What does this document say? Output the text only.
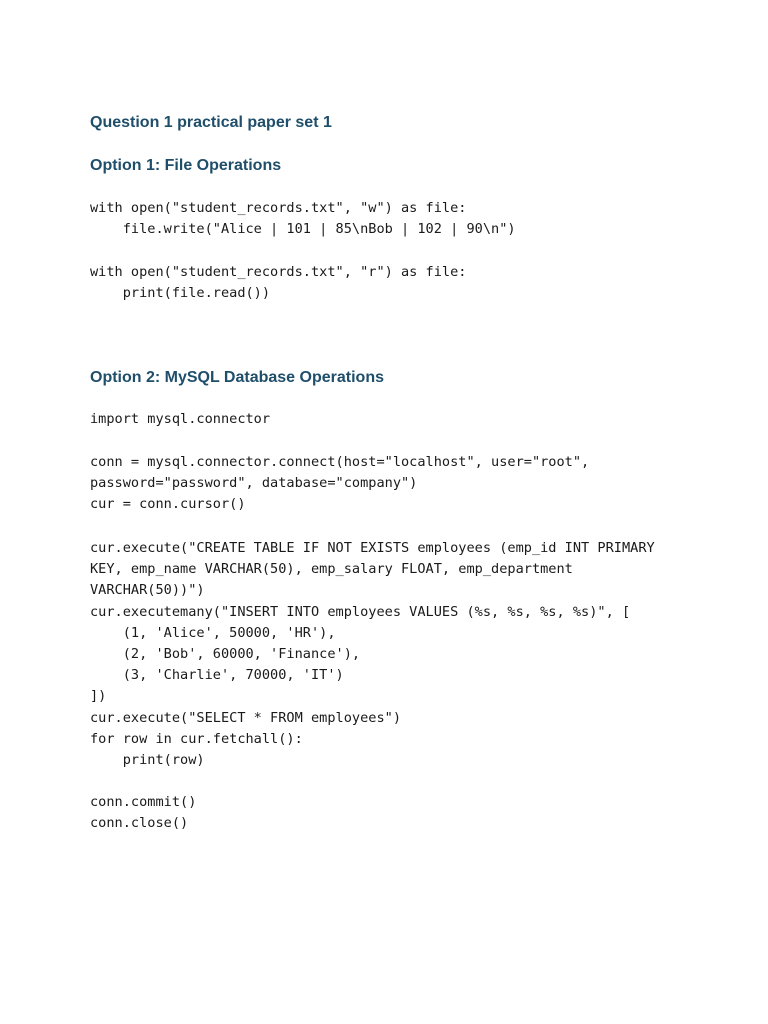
Question 1 practical paper set 1
Option 1: File Operations
with open("student_records.txt", "w") as file:
file.write("Alice | 101 | 85\nBob | 102 | 90\n")
with open("student_records.txt", "r") as file:
print(file.read())
Option 2: MySQL Database Operations
import mysql.connector
conn = mysql.connector.connect(host="localhost", user="root",
password="password", database="company")
cur = conn.cursor()
cur.execute("CREATE TABLE IF NOT EXISTS employees (emp_id INT PRIMARY
KEY, emp_name VARCHAR(50), emp_salary FLOAT, emp_department
VARCHAR(50))")
cur.executemany("INSERT INTO employees VALUES (%s, %s, %s, %s)", [
(1, 'Alice', 50000, 'HR'),
(2, 'Bob', 60000, 'Finance'),
(3, 'Charlie', 70000, 'IT')
])
cur.execute("SELECT * FROM employees")
for row in cur.fetchall():
print(row)
conn.commit()
conn.close()
